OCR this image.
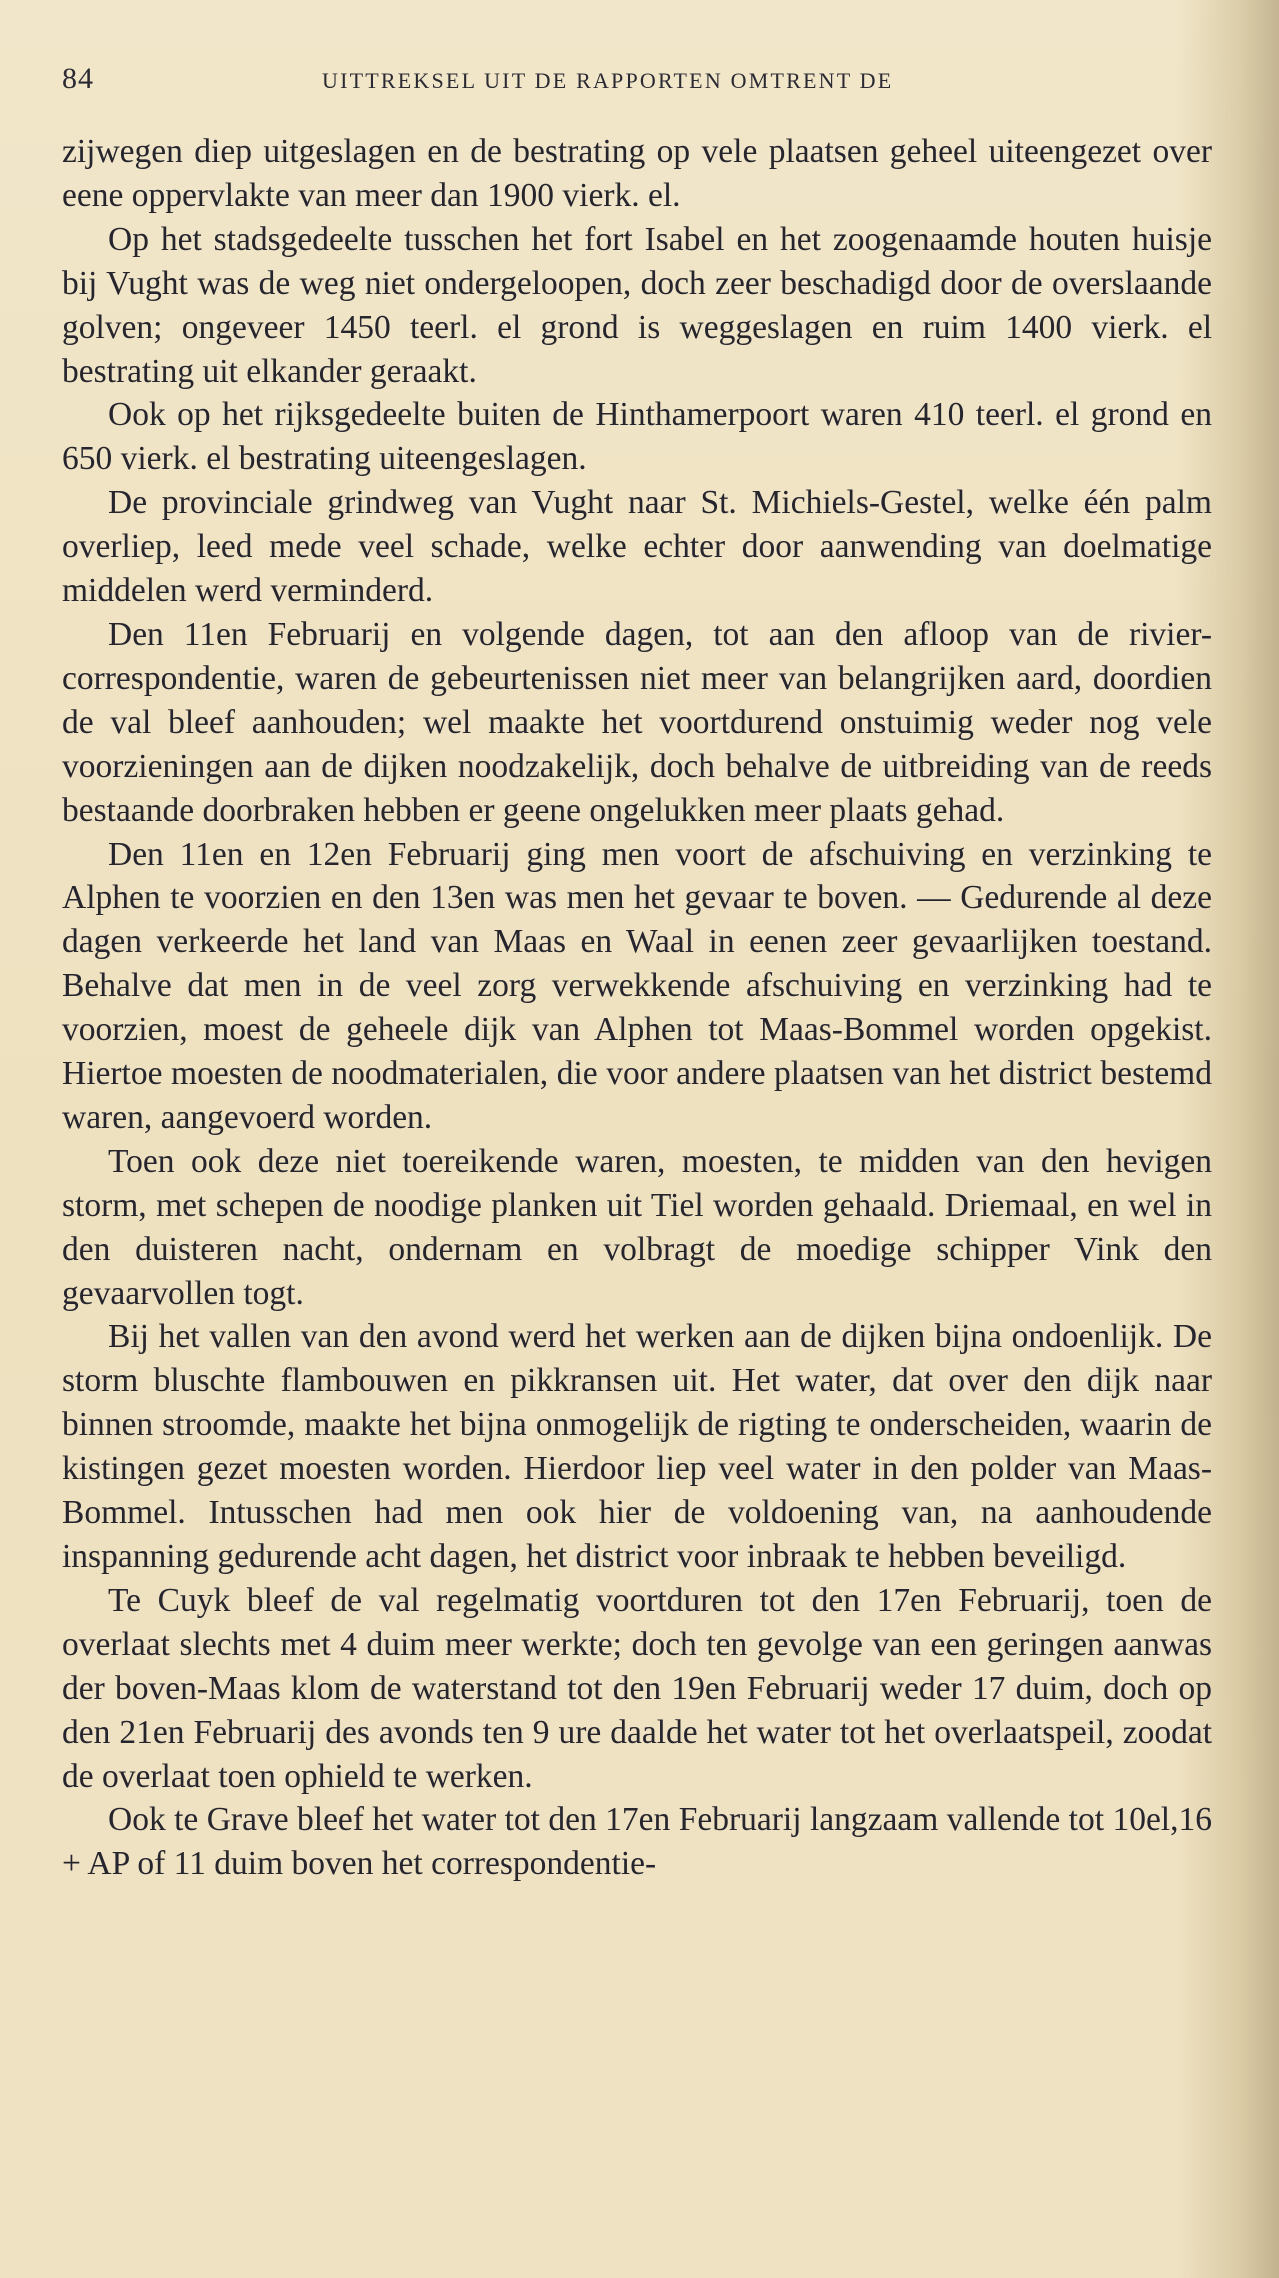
84	UITTREKSEL UIT DE RAPPORTEN OMTRENT DE

zijwegen diep uitgeslagen en de bestrating op vele plaatsen geheel uiteengezet over eene oppervlakte van meer dan 1900 vierk. el.

Op het stadsgedeelte tusschen het fort Isabel en het zoogenaamde houten huisje bij Vught was de weg niet ondergeloopen, doch zeer beschadigd door de overslaande golven; ongeveer 1450 teerl. el grond is weggeslagen en ruim 1400 vierk. el bestrating uit elkander geraakt.

Ook op het rijksgedeelte buiten de Hinthamerpoort waren 410 teerl. el grond en 650 vierk. el bestrating uiteengeslagen.

De provinciale grindweg van Vught naar St. Michiels-Gestel, welke één palm overliep, leed mede veel schade, welke echter door aanwending van doelmatige middelen werd verminderd.

Den 11en Februarij en volgende dagen, tot aan den afloop van de rivier-correspondentie, waren de gebeurtenissen niet meer van belangrijken aard, doordien de val bleef aanhouden; wel maakte het voortdurend onstuimig weder nog vele voorzieningen aan de dijken noodzakelijk, doch behalve de uitbreiding van de reeds bestaande doorbraken hebben er geene ongelukken meer plaats gehad.

Den 11en en 12en Februarij ging men voort de afschuiving en verzinking te Alphen te voorzien en den 13en was men het gevaar te boven. — Gedurende al deze dagen verkeerde het land van Maas en Waal in eenen zeer gevaarlijken toestand. Behalve dat men in de veel zorg verwekkende afschuiving en verzinking had te voorzien, moest de geheele dijk van Alphen tot Maas-Bommel worden opgekist. Hiertoe moesten de noodmaterialen, die voor andere plaatsen van het district bestemd waren, aangevoerd worden.

Toen ook deze niet toereikende waren, moesten, te midden van den hevigen storm, met schepen de noodige planken uit Tiel worden gehaald. Driemaal, en wel in den duisteren nacht, ondernam en volbragt de moedige schipper Vink den gevaarvollen togt.

Bij het vallen van den avond werd het werken aan de dijken bijna ondoenlijk. De storm bluschte flambouwen en pikkransen uit. Het water, dat over den dijk naar binnen stroomde, maakte het bijna onmogelijk de rigting te onderscheiden, waarin de kistingen gezet moesten worden. Hierdoor liep veel water in den polder van Maas-Bommel. Intusschen had men ook hier de voldoening van, na aanhoudende inspanning gedurende acht dagen, het district voor inbraak te hebben beveiligd.

Te Cuyk bleef de val regelmatig voortduren tot den 17en Februarij, toen de overlaat slechts met 4 duim meer werkte; doch ten gevolge van een geringen aanwas der boven-Maas klom de waterstand tot den 19en Februarij weder 17 duim, doch op den 21en Februarij des avonds ten 9 ure daalde het water tot het overlaatspeil, zoodat de overlaat toen ophield te werken.

Ook te Grave bleef het water tot den 17en Februarij langzaam vallende tot 10el,16 + AP of 11 duim boven het correspondentie-
